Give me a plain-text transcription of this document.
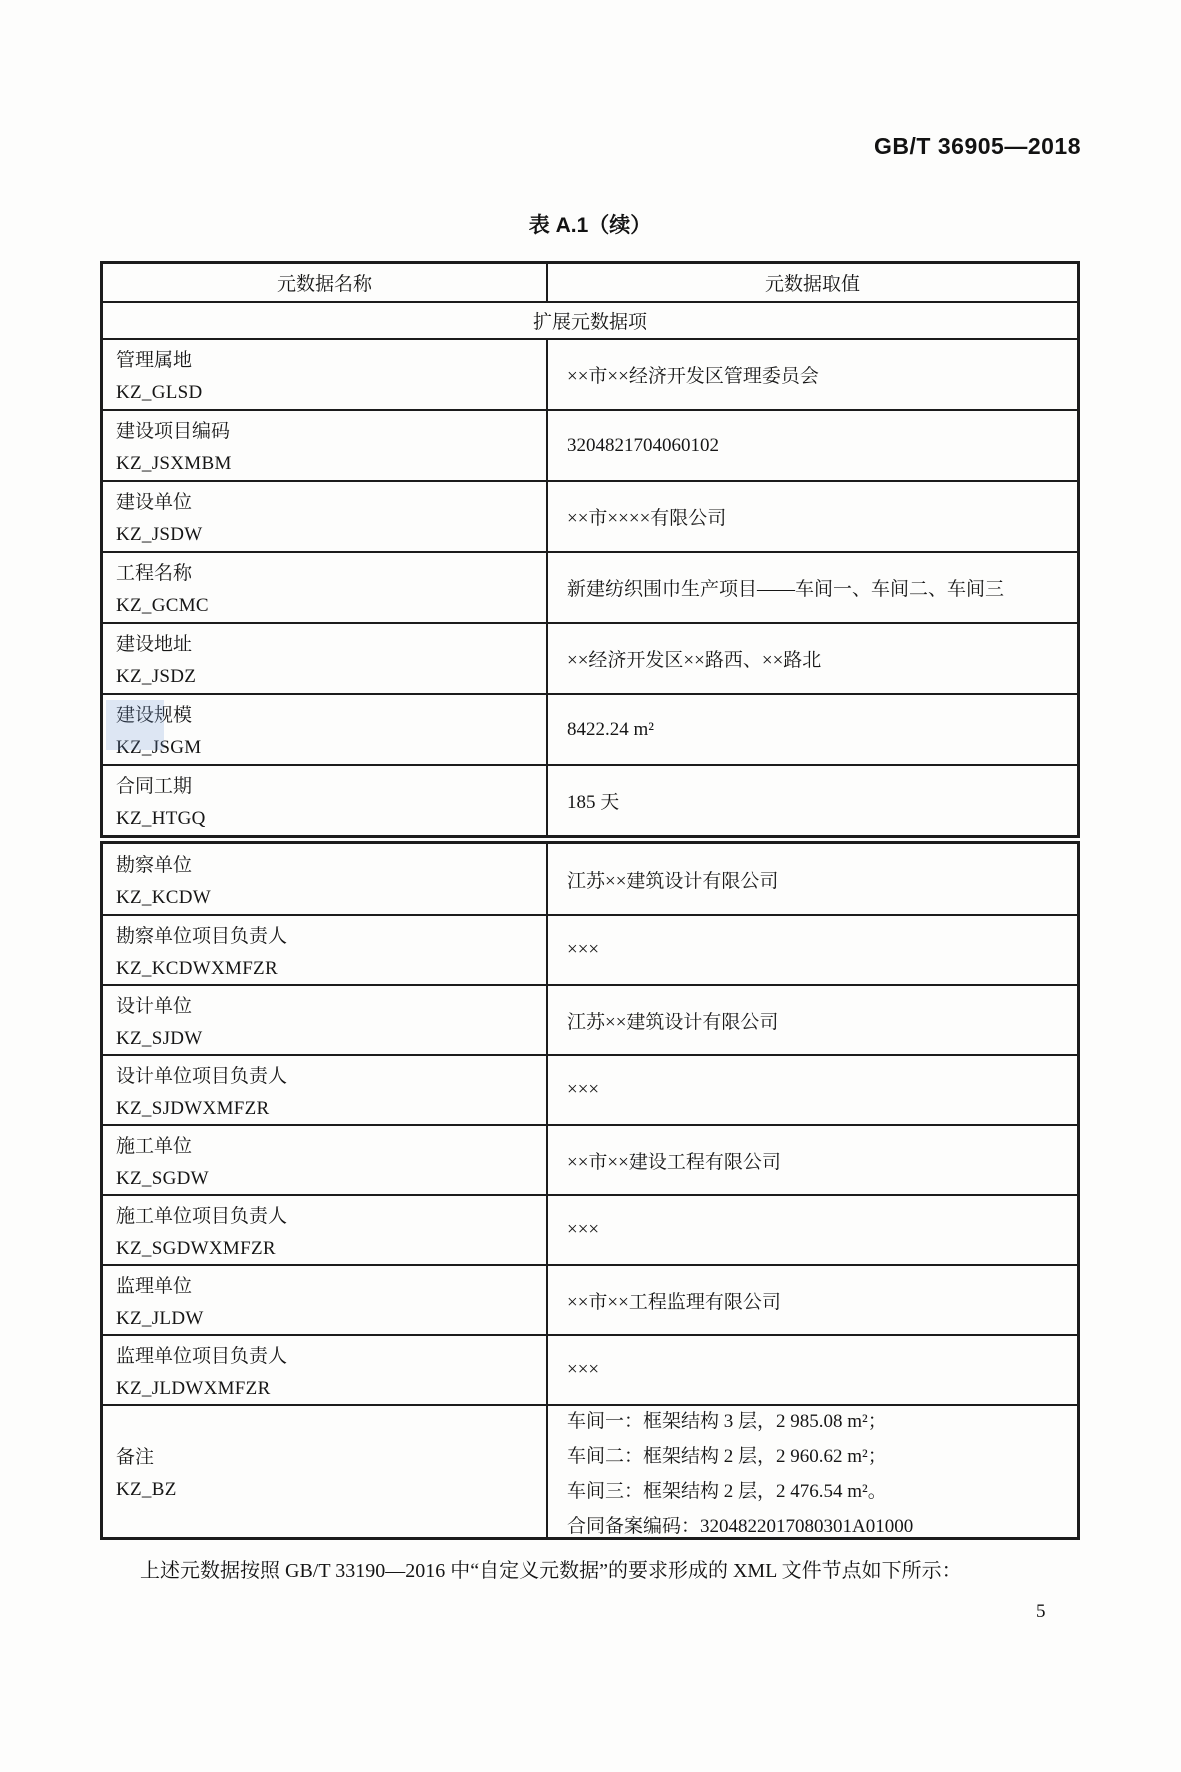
GB/T 36905—2018
表 A.1（续）
元数据名称	元数据取值
扩展元数据项
管理属地
KZ_GLSD
××市××经济开发区管理委员会
建设项目编码
KZ_JSXMBM
3204821704060102
建设单位
KZ_JSDW
××市××××有限公司
工程名称
KZ_GCMC
新建纺织围巾生产项目——车间一、车间二、车间三
建设地址
KZ_JSDZ
××经济开发区××路西、××路北
建设规模
KZ_JSGM
8422.24 m²
合同工期
KZ_HTGQ
185 天
勘察单位
KZ_KCDW
江苏××建筑设计有限公司
勘察单位项目负责人
KZ_KCDWXMFZR
×××
设计单位
KZ_SJDW
江苏××建筑设计有限公司
设计单位项目负责人
KZ_SJDWXMFZR
×××
施工单位
KZ_SGDW
××市××建设工程有限公司
施工单位项目负责人
KZ_SGDWXMFZR
×××
监理单位
KZ_JLDW
××市××工程监理有限公司
监理单位项目负责人
KZ_JLDWXMFZR
×××
备注
KZ_BZ
车间一：框架结构 3 层，2 985.08 m²；
车间二：框架结构 2 层，2 960.62 m²；
车间三：框架结构 2 层，2 476.54 m²。
合同备案编码：3204822017080301A01000
上述元数据按照 GB/T 33190—2016 中“自定义元数据”的要求形成的 XML 文件节点如下所示：
5
